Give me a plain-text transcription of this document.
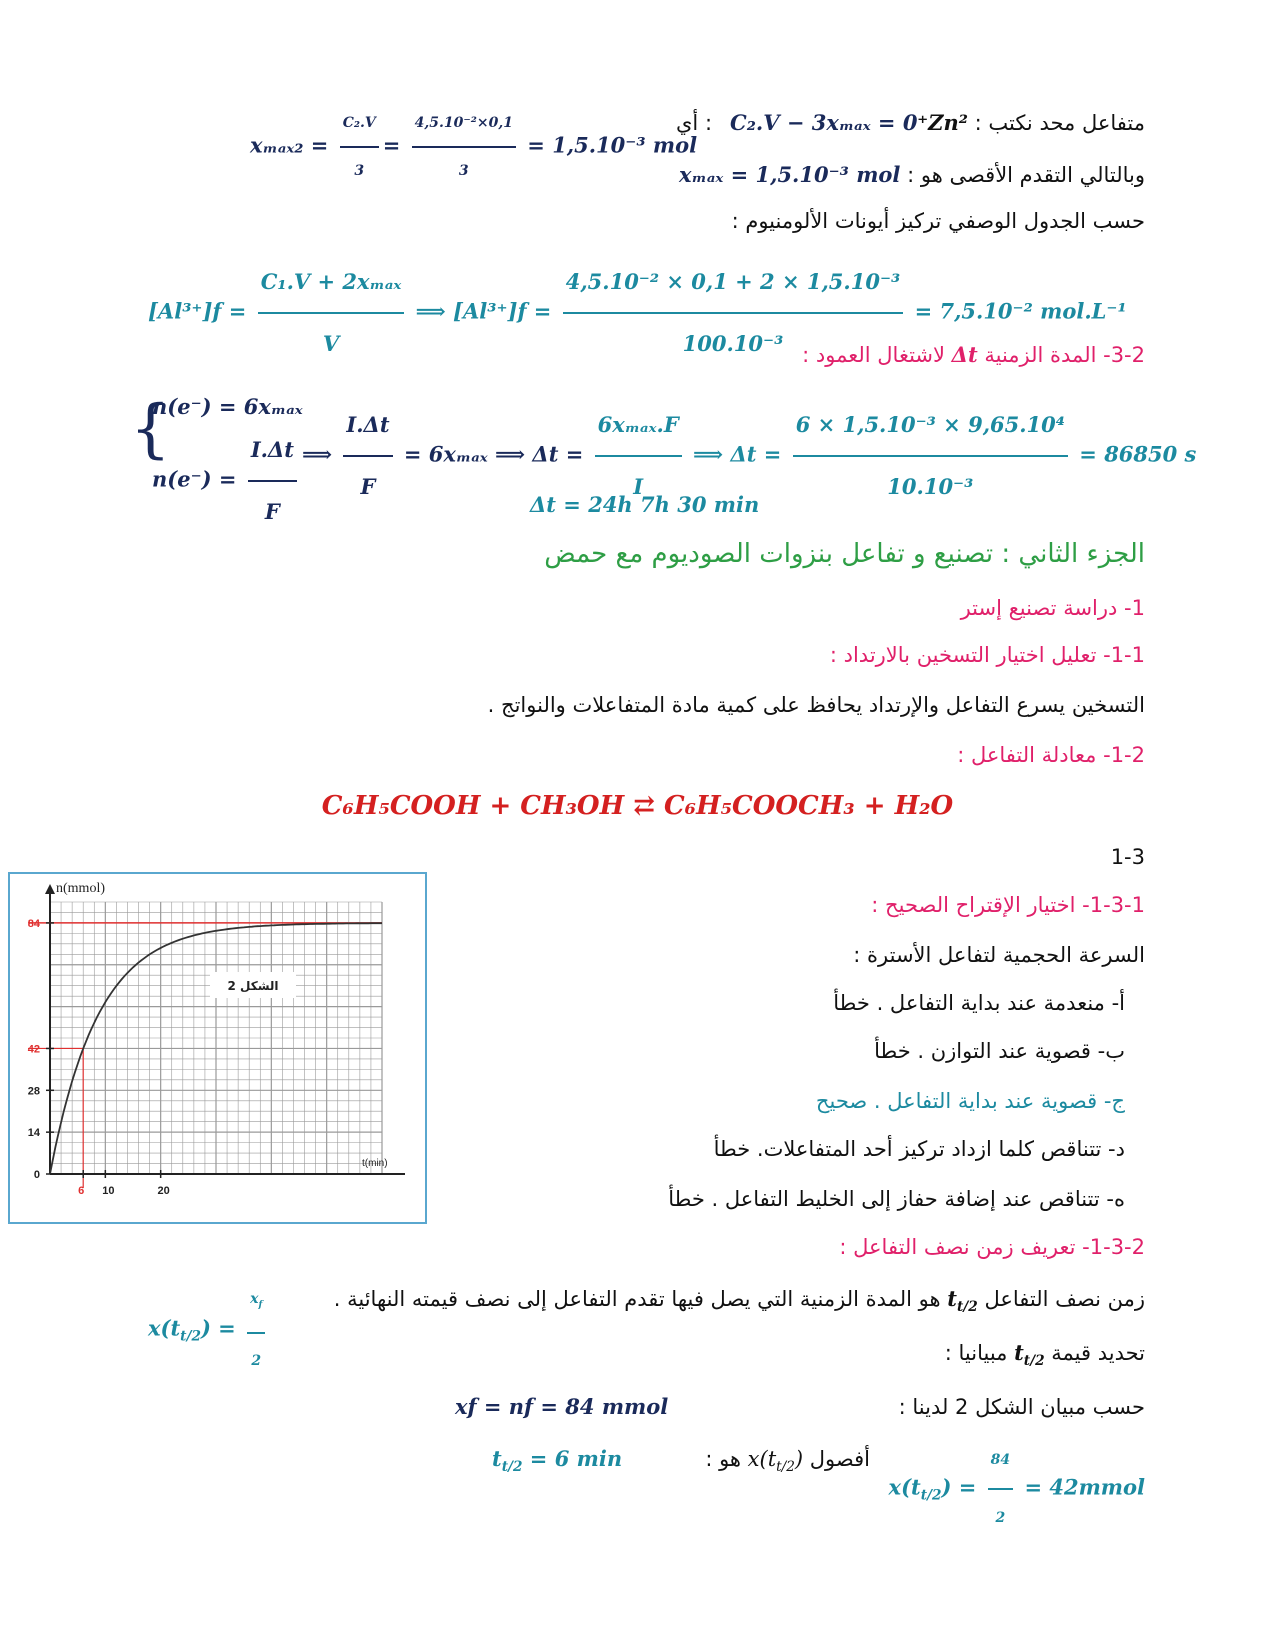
متفاعل محد نكتب : Zn²⁺
C₂.V − 3xₘₐₓ = 0
أي :
$x_{max2} = \frac{\text{C₂.V}}{3} = \frac{\text{4,5.10⁻²×0,1}}{3} = 1,5.10^{-3}$ mol
وبالتالي التقدم الأقصى هو : xₘₐₓ = 1,5.10⁻³ mol
حسب الجدول الوصفي تركيز أيونات الألومنيوم :
$[Al^{3+}]f = \frac{\text{C₁.V + 2xₘₐₓ}}{V}$ ⟹ $[Al^{3+}]f = \frac{\text{4,5.10⁻² × 0,1 + 2 × 1,5.10⁻³}}{\text{100.10⁻³}} = 7,5.10^{-2}$ mol.L⁻¹
3-2- المدة الزمنية Δt لاشتغال العمود :
{
n(e⁻) = 6xₘₐₓ
$n(e^-) = \frac{I.\Delta t}{F}$ ⟹ $\frac{I.\Delta t}{F} = 6x_{max}$ ⟹ $\Delta t = \frac{\text{6xₘₐₓ.F}}{I}$ ⟹ $\Delta t = \frac{\text{6 × 1,5.10⁻³ × 9,65.10⁴}}{\text{10.10⁻³}} = 86850$ s
Δt = 24h 7h 30 min
الجزء الثاني : تصنيع و تفاعل بنزوات الصوديوم مع حمض
1- دراسة تصنيع إستر
1-1- تعليل اختيار التسخين بالارتداد :
التسخين يسرع التفاعل والإرتداد يحافظ على كمية مادة المتفاعلات والنواتج .
1-2- معادلة التفاعل :
C₆H₅COOH + CH₃OH ⇄ C₆H₅COOCH₃ + H₂O
1-3
1-3-1- اختيار الإقتراح الصحيح :
السرعة الحجمية لتفاعل الأسترة :
أ- منعدمة عند بداية التفاعل . خطأ
ب- قصوية عند التوازن . خطأ
ج- قصوية عند بداية التفاعل . صحيح
د- تتناقص كلما ازداد تركيز أحد المتفاعلات. خطأ
ه- تتناقص عند إضافة حفاز إلى الخليط التفاعل . خطأ
1-3-2- تعريف زمن نصف التفاعل :
زمن نصف التفاعل $t_{t/2}$ هو المدة الزمنية التي يصل فيها تقدم التفاعل إلى نصف قيمته النهائية .
$x(t_{t/2}) = \frac{x_f}{2}$	تحديد قيمة $t_{t/2}$ مبيانيا :
حسب مبيان الشكل 2 لدينا :
xf = nf = 84 mmol
$x(t_{t/2}) = \frac{84}{2}$ = 42mmol
أفصول $x(t_{t/2})$ هو :
$t_{t/2} = 6$ min
0
14
28
42
84
6 10	20
n(mmol)
t(min)
الشكل 2
